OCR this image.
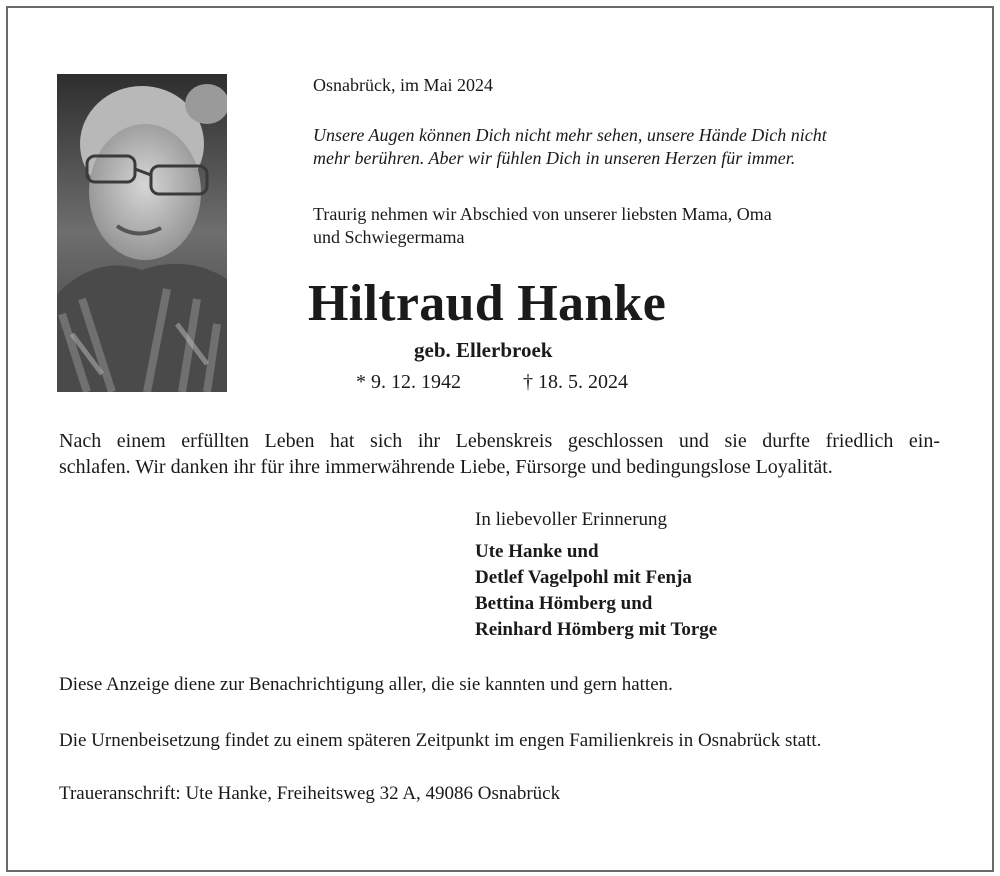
Osnabrück, im Mai 2024
Unsere Augen können Dich nicht mehr sehen, unsere Hände Dich nicht
mehr berühren. Aber wir fühlen Dich in unseren Herzen für immer.
Traurig nehmen wir Abschied von unserer liebsten Mama, Oma
und Schwiegermama
Hiltraud Hanke
geb. Ellerbroek
* 9. 12. 1942	† 18. 5. 2024
Nach einem erfüllten Leben hat sich ihr Lebenskreis geschlossen und sie durfte friedlich ein-
schlafen. Wir danken ihr für ihre immerwährende Liebe, Fürsorge und bedingungslose Loyalität.
In liebevoller Erinnerung
Ute Hanke und
Detlef Vagelpohl mit Fenja
Bettina Hömberg und
Reinhard Hömberg mit Torge
Diese Anzeige diene zur Benachrichtigung aller, die sie kannten und gern hatten.
Die Urnenbeisetzung findet zu einem späteren Zeitpunkt im engen Familienkreis in Osnabrück statt.
Traueranschrift: Ute Hanke, Freiheitsweg 32 A, 49086 Osnabrück
